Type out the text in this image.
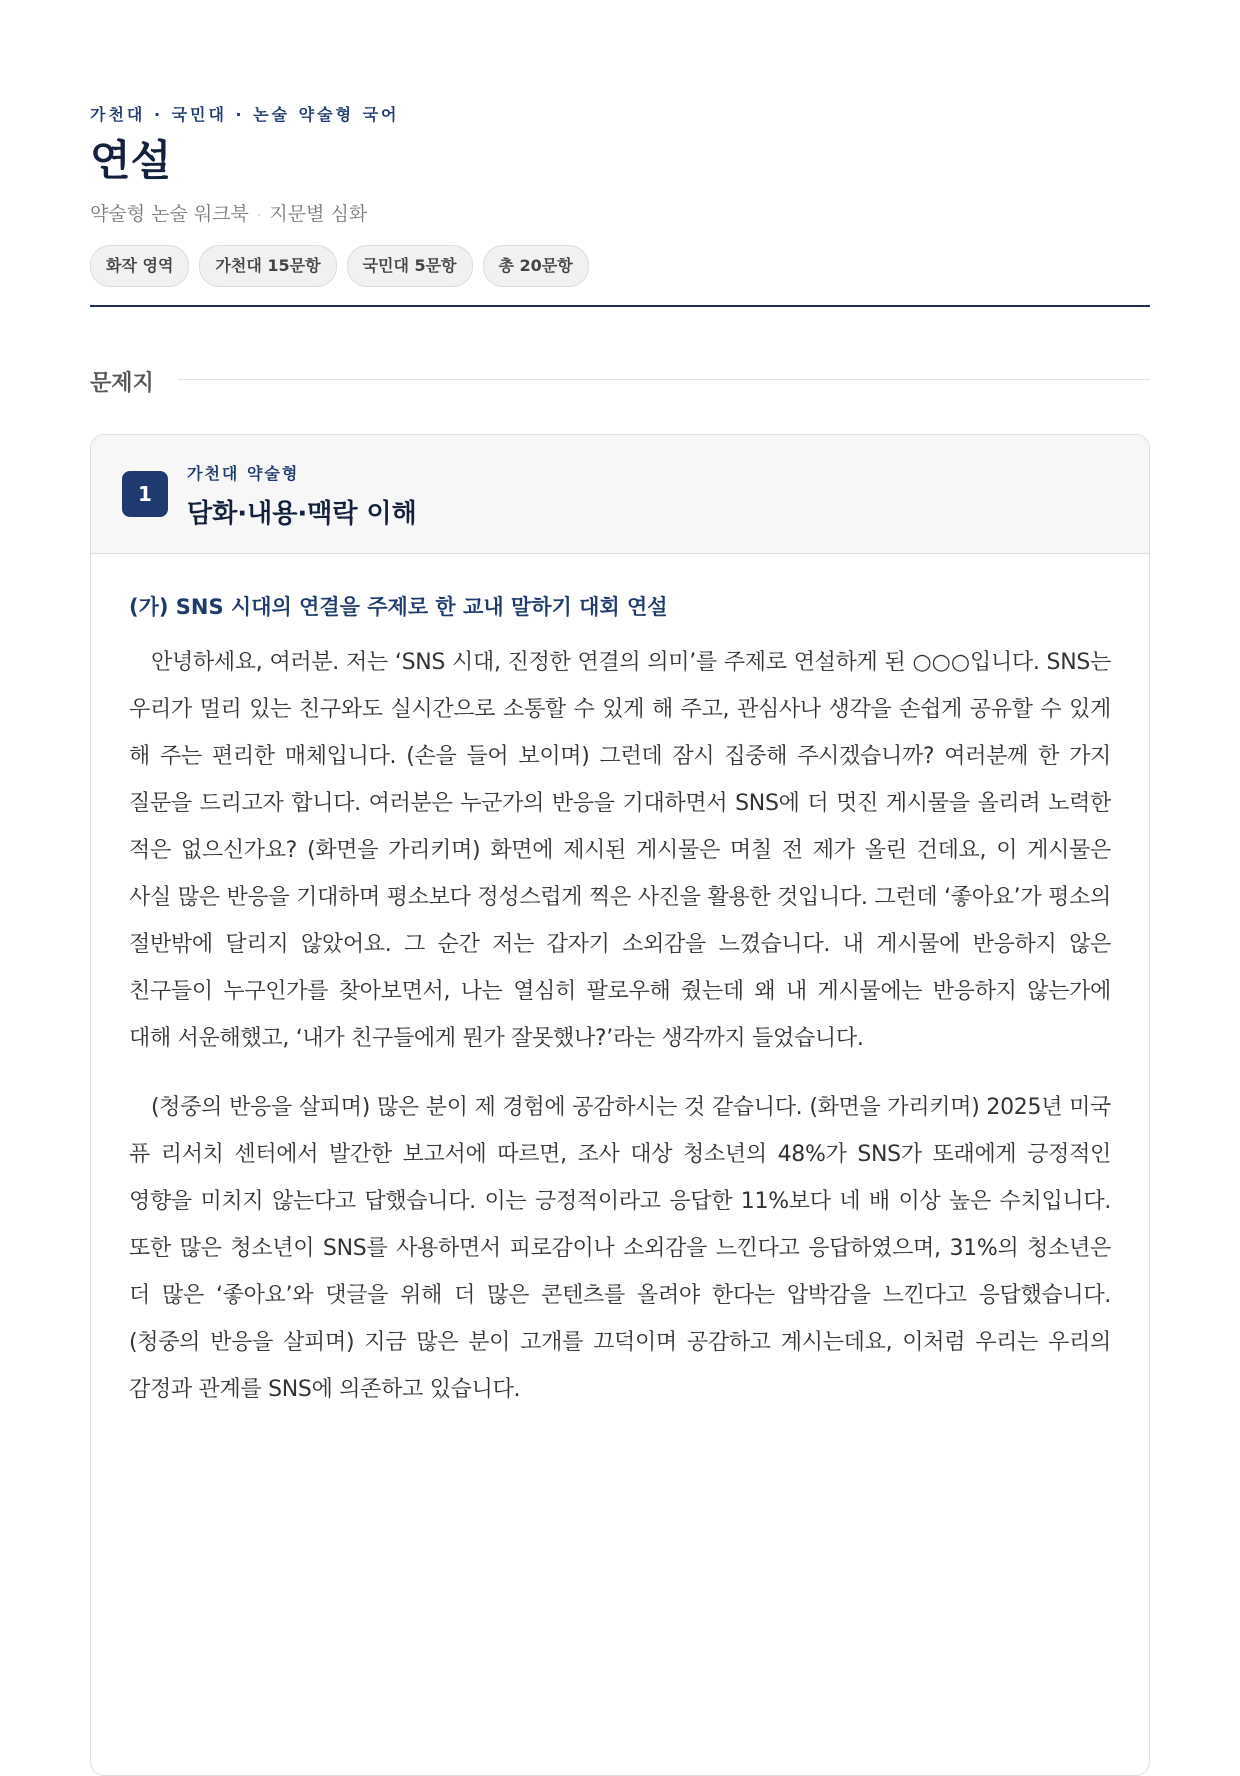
가천대 · 국민대 · 논술 약술형 국어
연설
약술형 논술 워크북 · 지문별 심화
화작 영역	가천대 15문항	국민대 5문항	총 20문항
문제지
1
가천대 약술형
담화·내용·맥락 이해
(가) SNS 시대의 연결을 주제로 한 교내 말하기 대회 연설

안녕하세요, 여러분. 저는 ‘SNS 시대, 진정한 연결의 의미’를 주제로 연설하게 된 ○○○입니다. SNS는 우리가 멀리 있는 친구와도 실시간으로 소통할 수 있게 해 주고, 관심사나 생각을 손쉽게 공유할 수 있게 해 주는 편리한 매체입니다. (손을 들어 보이며) 그런데 잠시 집중해 주시겠습니까? 여러분께 한 가지 질문을 드리고자 합니다. 여러분은 누군가의 반응을 기대하면서 SNS에 더 멋진 게시물을 올리려 노력한 적은 없으신가요? (화면을 가리키며) 화면에 제시된 게시물은 며칠 전 제가 올린 건데요, 이 게시물은 사실 많은 반응을 기대하며 평소보다 정성스럽게 찍은 사진을 활용한 것입니다. 그런데 ‘좋아요’가 평소의 절반밖에 달리지 않았어요. 그 순간 저는 갑자기 소외감을 느꼈습니다. 내 게시물에 반응하지 않은 친구들이 누구인가를 찾아보면서, 나는 열심히 팔로우해 줬는데 왜 내 게시물에는 반응하지 않는가에 대해 서운해했고, ‘내가 친구들에게 뭔가 잘못했나?’라는 생각까지 들었습니다.

(청중의 반응을 살피며) 많은 분이 제 경험에 공감하시는 것 같습니다. (화면을 가리키며) 2025년 미국 퓨 리서치 센터에서 발간한 보고서에 따르면, 조사 대상 청소년의 48%가 SNS가 또래에게 긍정적인 영향을 미치지 않는다고 답했습니다. 이는 긍정적이라고 응답한 11%보다 네 배 이상 높은 수치입니다. 또한 많은 청소년이 SNS를 사용하면서 피로감이나 소외감을 느낀다고 응답하였으며, 31%의 청소년은 더 많은 ‘좋아요’와 댓글을 위해 더 많은 콘텐츠를 올려야 한다는 압박감을 느낀다고 응답했습니다. (청중의 반응을 살피며) 지금 많은 분이 고개를 끄덕이며 공감하고 계시는데요, 이처럼 우리는 우리의 감정과 관계를 SNS에 의존하고 있습니다.
